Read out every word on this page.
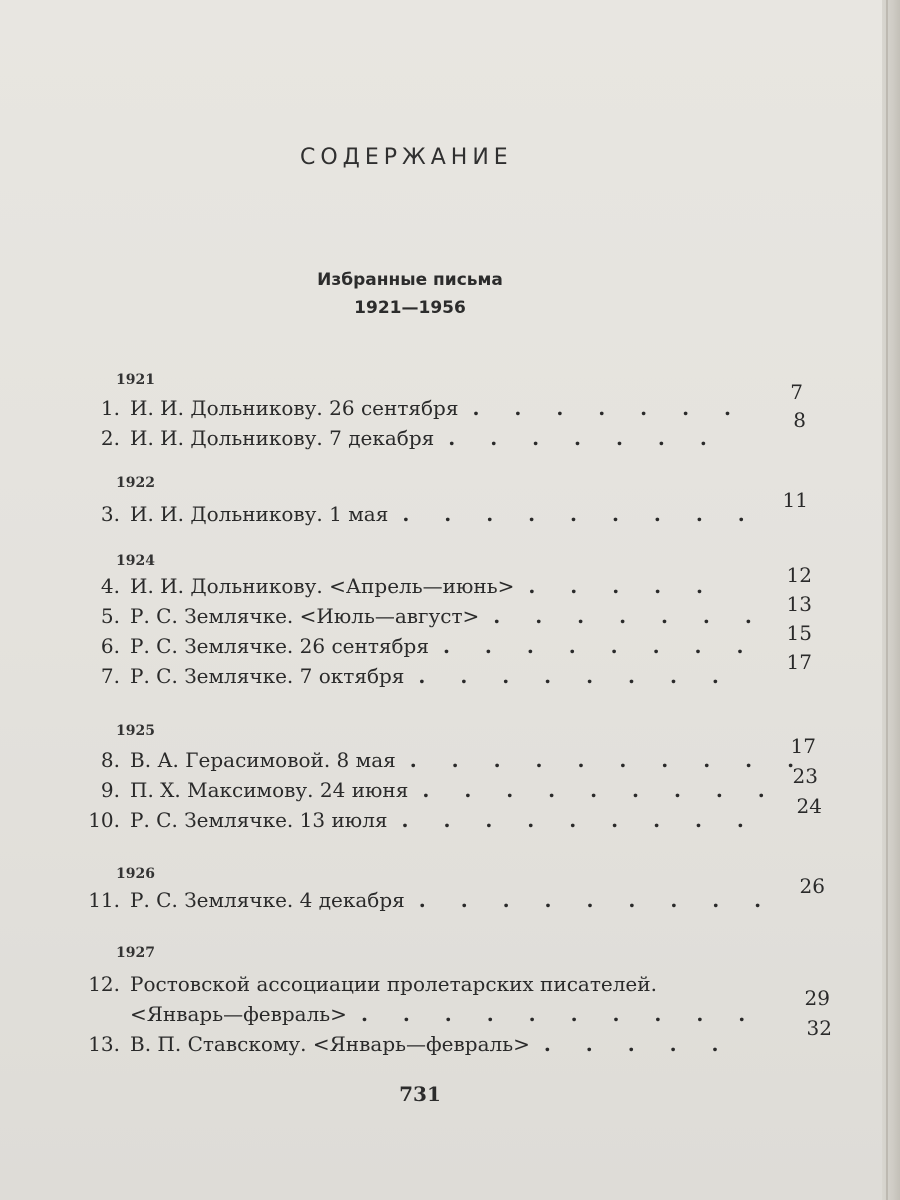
СОДЕРЖАНИЕ
Избранные письма
1921—1956
1921
1. И. И. Дольникову. 26 сентября . . . . . . .
7
2. И. И. Дольникову. 7 декабря . . . . . . .
8
1922
3. И. И. Дольникову. 1 мая . . . . . . . . .
11
1924
4. И. И. Дольникову. <Апрель—июнь> . . . . .	12
5. Р. С. Землячке. <Июль—август> . . . . . . .	13
6. Р. С. Землячке. 26 сентября . . . . . . . .
15
7. Р. С. Землячке. 7 октября . . . . . . . .
17
1925
8. В. А. Герасимовой. 8 мая . . . . . . . . . .
17
9. П. Х. Максимову. 24 июня . . . . . . . . .
23
10. Р. С. Землячке. 13 июля . . . . . . . . .
24
1926
11. Р. С. Землячке. 4 декабря . . . . . . . . .
26
1927
12. Ростовской ассоциации пролетарских писателей.
<Январь—февраль> . . . . . . . . . .
29
13. В. П. Ставскому. <Январь—февраль> . . . . .
32
731
